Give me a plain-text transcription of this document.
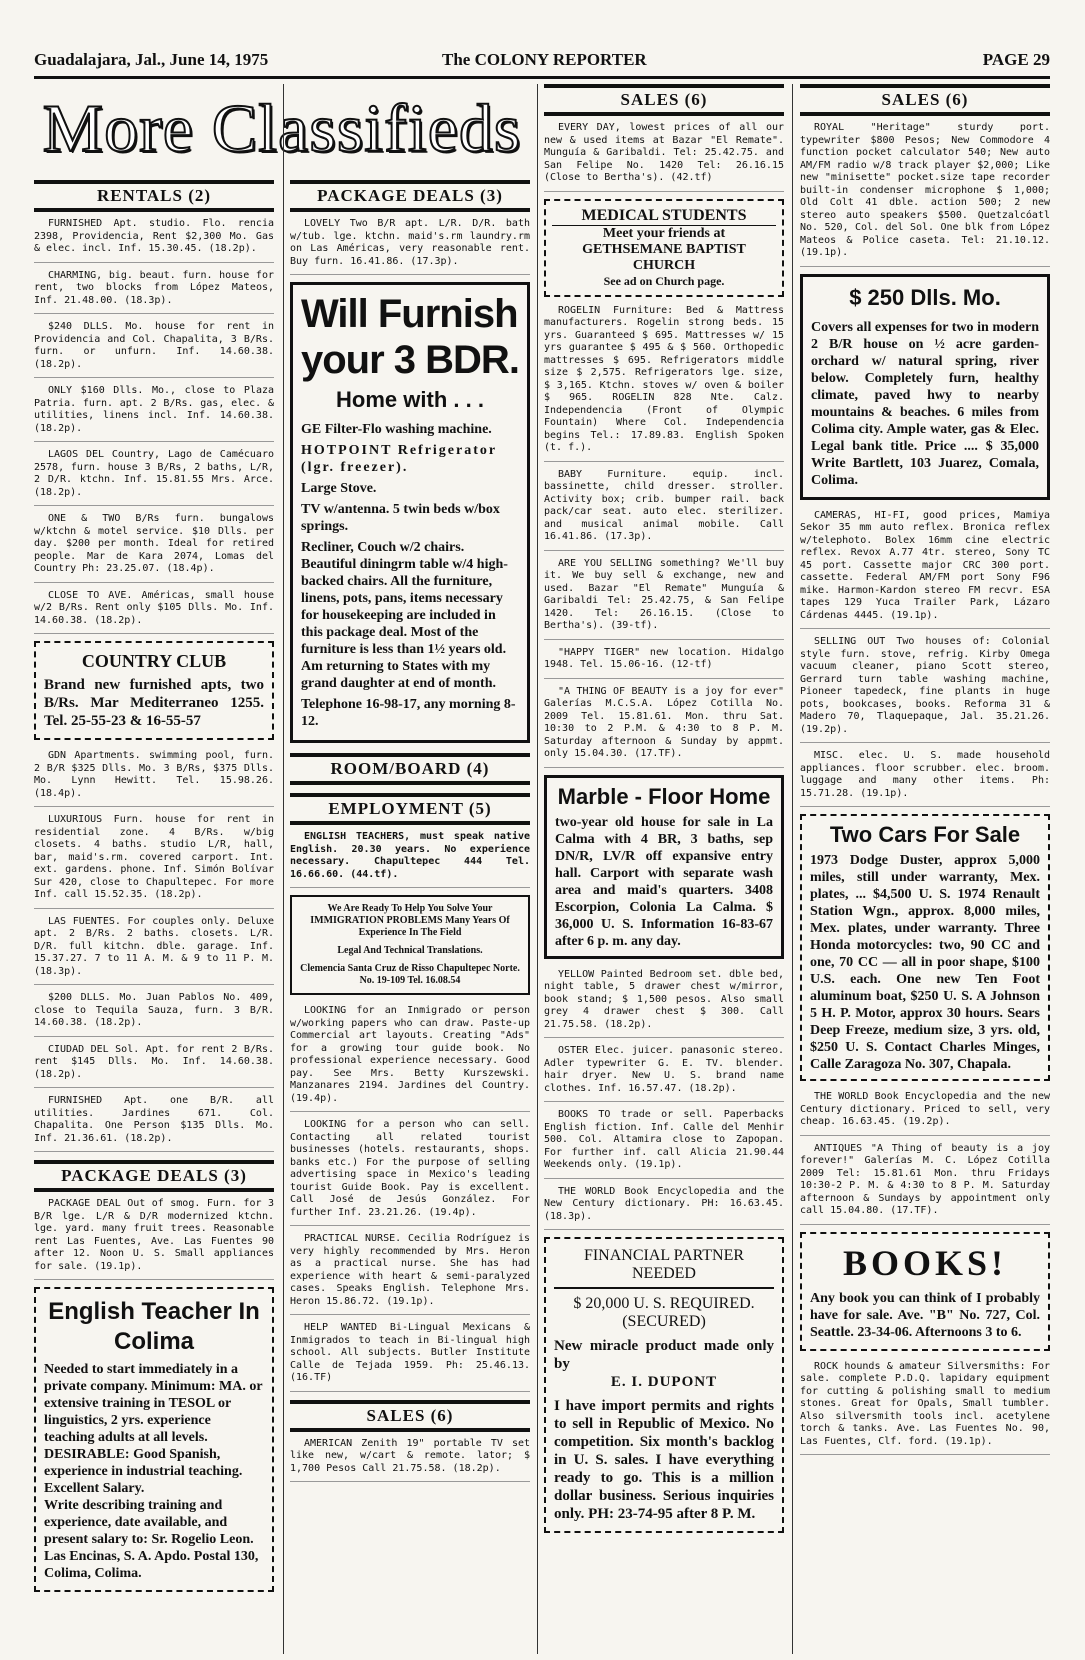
Guadalajara, Jal., June 14, 1975	The COLONY REPORTER	PAGE 29
More Classifieds
RENTALS (2)

FURNISHED Apt. studio. Flo. rencia 2398, Providencia, Rent $2,300 Mo. Gas & elec. incl. Inf. 15.30.45. (18.2p).

CHARMING, big. beaut. furn. house for rent, two blocks from López Mateos, Inf. 21.48.00. (18.3p).

$240 DLLS. Mo. house for rent in Providencia and Col. Chapalita, 3 B/Rs. furn. or unfurn. Inf. 14.60.38. (18.2p).

ONLY $160 Dlls. Mo., close to Plaza Patria. furn. apt. 2 B/Rs. gas, elec. & utilities, linens incl. Inf. 14.60.38. (18.2p).

LAGOS DEL Country, Lago de Camécuaro 2578, furn. house 3 B/Rs, 2 baths, L/R, 2 D/R. ktchn. Inf. 15.81.55 Mrs. Arce. (18.2p).

ONE & TWO B/Rs furn. bungalows w/ktchn & motel service. $10 Dlls. per day. $200 per month. Ideal for retired people. Mar de Kara 2074, Lomas del Country Ph: 23.25.07. (18.4p).

CLOSE TO AVE. Américas, small house w/2 B/Rs. Rent only $105 Dlls. Mo. Inf. 14.60.38. (18.2p).

COUNTRY CLUB

Brand new furnished apts, two B/Rs. Mar Mediterraneo 1255. Tel. 25-55-23 & 16-55-57

GDN Apartments. swimming pool, furn. 2 B/R $325 Dlls. Mo. 3 B/Rs, $375 Dlls. Mo. Lynn Hewitt. Tel. 15.98.26. (18.4p).

LUXURIOUS Furn. house for rent in residential zone. 4 B/Rs. w/big closets. 4 baths. studio L/R, hall, bar, maid's.rm. covered carport. Int. ext. gardens. phone. Inf. Simón Bolívar Sur 420, close to Chapultepec. For more Inf. call 15.52.35. (18.2p).

LAS FUENTES. For couples only. Deluxe apt. 2 B/Rs. 2 baths. closets. L/R. D/R. full kitchn. dble. garage. Inf. 15.37.27. 7 to 11 A. M. & 9 to 11 P. M. (18.3p).

$200 DLLS. Mo. Juan Pablos No. 409, close to Tequila Sauza, furn. 3 B/R. 14.60.38. (18.2p).

CIUDAD DEL Sol. Apt. for rent 2 B/Rs. rent $145 Dlls. Mo. Inf. 14.60.38. (18.2p).

FURNISHED Apt. one B/R. all utilities. Jardines 671. Col. Chapalita. One Person $135 Dlls. Mo. Inf. 21.36.61. (18.2p).

PACKAGE DEALS (3)

PACKAGE DEAL Out of smog. Furn. for 3 B/R lge. L/R & D/R modernized ktchn. lge. yard. many fruit trees. Reasonable rent Las Fuentes, Ave. Las Fuentes 90 after 12. Noon U. S. Small appliances for sale. (19.1p).

English Teacher In Colima

Needed to start immediately in a private company. Minimum: MA. or extensive training in TESOL or linguistics, 2 yrs. experience teaching adults at all levels.

DESIRABLE: Good Spanish, experience in industrial teaching.

Excellent Salary.

Write describing training and experience, date available, and present salary to: Sr. Rogelio Leon. Las Encinas, S. A. Apdo. Postal 130, Colima, Colima.

PACKAGE DEALS (3)

LOVELY Two B/R apt. L/R. D/R. bath w/tub. lge. ktchn. maid's.rm laundry.rm on Las Américas, very reasonable rent. Buy furn. 16.41.86. (17.3p).

Will Furnish your 3 BDR.
Home with . . .

GE Filter-Flo washing machine.

HOTPOINT Refrigerator (lgr. freezer).

Large Stove.

TV w/antenna. 5 twin beds w/box springs.

Recliner, Couch w/2 chairs. Beautiful diningrm table w/4 high-backed chairs. All the furniture, linens, pots, pans, items necessary for housekeeping are included in this package deal. Most of the furniture is less than 1½ years old. Am returning to States with my grand daughter at end of month.

Telephone 16-98-17, any morning 8-12.

ROOM/BOARD (4)
EMPLOYMENT (5)

ENGLISH TEACHERS, must speak native English. 20.30 years. No experience necessary. Chapultepec 444 Tel. 16.66.60. (44.tf).

We Are Ready To Help You Solve Your IMMIGRATION PROBLEMS Many Years Of Experience In The Field
Legal And Technical Translations.
Clemencia Santa Cruz de Risso Chapultepec Norte. No. 19-109 Tel. 16.08.54

LOOKING for an Inmigrado or person w/working papers who can draw. Paste-up Commercial art layouts. Creating "Ads" for a growing tour guide book. No professional experience necessary. Good pay. See Mrs. Betty Kurszewski. Manzanares 2194. Jardines del Country. (19.4p).

LOOKING for a person who can sell. Contacting all related tourist businesses (hotels. restaurants, shops. banks etc.) For the purpose of selling advertising space in Mexico's leading tourist Guide Book. Pay is excellent. Call José de Jesús González. For further Inf. 23.21.26. (19.4p).

PRACTICAL NURSE. Cecilia Rodríguez is very highly recommended by Mrs. Heron as a practical nurse. She has had experience with heart & semi-paralyzed cases. Speaks English. Telephone Mrs. Heron 15.86.72. (19.1p).

HELP WANTED Bi-Lingual Mexicans & Inmigrados to teach in Bi-lingual high school. All subjects. Butler Institute Calle de Tejada 1959. Ph: 25.46.13. (16.TF)

SALES (6)

AMERICAN Zenith 19" portable TV set like new, w/cart & remote. lator; $ 1,700 Pesos Call 21.75.58. (18.2p).

SALES (6)

EVERY DAY, lowest prices of all our new & used items at Bazar "El Remate". Munguía & Garibaldi. Tel: 25.42.75. and San Felipe No. 1420 Tel: 26.16.15 (Close to Bertha's). (42.tf)

MEDICAL STUDENTS
Meet your friends at GETHSEMANE BAPTIST CHURCH
See ad on Church page.

ROGELIN Furniture: Bed & Mattress manufacturers. Rogelin strong beds. 15 yrs. Guaranteed $ 695. Mattresses w/ 15 yrs guarantee $ 495 & $ 560. Orthopedic mattresses $ 695. Refrigerators middle size $ 2,575. Refrigerators lge. size, $ 3,165. Ktchn. stoves w/ oven & boiler $ 965. ROGELIN 828 Nte. Calz. Independencia (Front of Olympic Fountain) Where Col. Independencia begins Tel.: 17.89.83. English Spoken (t. f.).

BABY Furniture. equip. incl. bassinette, child dresser. stroller. Activity box; crib. bumper rail. back pack/car seat. auto elec. sterilizer. and musical animal mobile. Call 16.41.86. (17.3p).

ARE YOU SELLING something? We'll buy it. We buy sell & exchange, new and used. Bazar "El Remate" Munguía & Garibaldi Tel: 25.42.75, & San Felipe 1420. Tel: 26.16.15. (Close to Bertha's). (39-tf).

"HAPPY TIGER" new location. Hidalgo 1948. Tel. 15.06-16. (12-tf)

"A THING OF BEAUTY is a joy for ever" Galerías M.C.S.A. López Cotilla No. 2009 Tel. 15.81.61. Mon. thru Sat. 10:30 to 2 P.M. & 4:30 to 8 P. M. Saturday afternoon & Sunday by appmt. only 15.04.30. (17.TF).

Marble - Floor Home

two-year old house for sale in La Calma with 4 BR, 3 baths, sep DN/R, LV/R off expansive entry hall. Carport with separate wash area and maid's quarters. 3408 Escorpion, Colonia La Calma. $ 36,000 U. S. Information 16-83-67 after 6 p. m. any day.

YELLOW Painted Bedroom set. dble bed, night table, 5 drawer chest w/mirror, book stand; $ 1,500 pesos. Also small grey 4 drawer chest $ 300. Call 21.75.58. (18.2p).

OSTER Elec. juicer. panasonic stereo. Adler typewriter G. E. TV. blender. hair dryer. New U. S. brand name clothes. Inf. 16.57.47. (18.2p).

BOOKS TO trade or sell. Paperbacks English fiction. Inf. Calle del Menhir 500. Col. Altamira close to Zapopan. For further inf. call Alicia 21.90.44 Weekends only. (19.1p).

THE WORLD Book Encyclopedia and the New Century dictionary. PH: 16.63.45. (18.3p).

FINANCIAL PARTNER NEEDED
$ 20,000 U. S. REQUIRED. (SECURED)
New miracle product made only by
E. I. DUPONT
I have import permits and rights to sell in Republic of Mexico. No competition. Six month's backlog in U. S. sales. I have everything ready to go. This is a million dollar business. Serious inquiries only. PH: 23-74-95 after 8 P. M.
SALES (6)

ROYAL "Heritage" sturdy port. typewriter $800 Pesos; New Commodore 4 function pocket calculator 540; New auto AM/FM radio w/8 track player $2,000; Like new "minisette" pocket.size tape recorder built-in condenser microphone $ 1,000; Old Colt 41 dble. action 500; 2 new stereo auto speakers $500. Quetzalcóatl No. 520, Col. del Sol. One blk from López Mateos & Police caseta. Tel: 21.10.12. (19.1p).

$ 250 Dlls. Mo.

Covers all expenses for two in modern 2 B/R house on ½ acre garden-orchard w/ natural spring, river below. Completely furn, healthy climate, paved hwy to nearby mountains & beaches. 6 miles from Colima city. Ample water, gas & Elec. Legal bank title. Price .... $ 35,000 Write Bartlett, 103 Juarez, Comala, Colima.

CAMERAS, HI-FI, good prices, Mamiya Sekor 35 mm auto reflex. Bronica reflex w/telephoto. Bolex 16mm cine electric reflex. Revox A.77 4tr. stereo, Sony TC 45 port. Cassette major CRC 300 port. cassette. Federal AM/FM port Sony F96 mike. Harmon-Kardon stereo FM recvr. ESA tapes 129 Yuca Trailer Park, Lázaro Cárdenas 4445. (19.1p).

SELLING OUT Two houses of: Colonial style furn. stove, refrig. Kirby Omega vacuum cleaner, piano Scott stereo, Gerrard turn table washing machine, Pioneer tapedeck, fine plants in huge pots, bookcases, books. Reforma 31 & Madero 70, Tlaquepaque, Jal. 35.21.26. (19.2p).

MISC. elec. U. S. made household appliances. floor scrubber. elec. broom. luggage and many other items. Ph: 15.71.28. (19.1p).

Two Cars For Sale

1973 Dodge Duster, approx 5,000 miles, still under warranty, Mex. plates, ... $4,500 U. S. 1974 Renault Station Wgn., approx. 8,000 miles, Mex. plates, under warranty. Three Honda motorcycles: two, 90 CC and one, 70 CC — all in poor shape, $100 U.S. each. One new Ten Foot aluminum boat, $250 U. S. A Johnson 5 H. P. Motor, approx 30 hours. Sears Deep Freeze, medium size, 3 yrs. old, $250 U. S. Contact Charles Minges, Calle Zaragoza No. 307, Chapala.

THE WORLD Book Encyclopedia and the new Century dictionary. Priced to sell, very cheap. 16.63.45. (19.2p).

ANTIQUES "A Thing of beauty is a joy forever!" Galerías M. C. López Cotilla 2009 Tel: 15.81.61 Mon. thru Fridays 10:30-2 P. M. & 4:30 to 8 P. M. Saturday afternoon & Sundays by appointment only call 15.04.80. (17.TF).

BOOKS!

Any book you can think of I probably have for sale. Ave. "B" No. 727, Col. Seattle. 23-34-06. Afternoons 3 to 6.

ROCK hounds & amateur Silversmiths: For sale. complete P.D.Q. lapidary equipment for cutting & polishing small to medium stones. Great for Opals, Small tumbler. Also silversmith tools incl. acetylene torch & tanks. Ave. Las Fuentes No. 90, Las Fuentes, Clf. ford. (19.1p).
